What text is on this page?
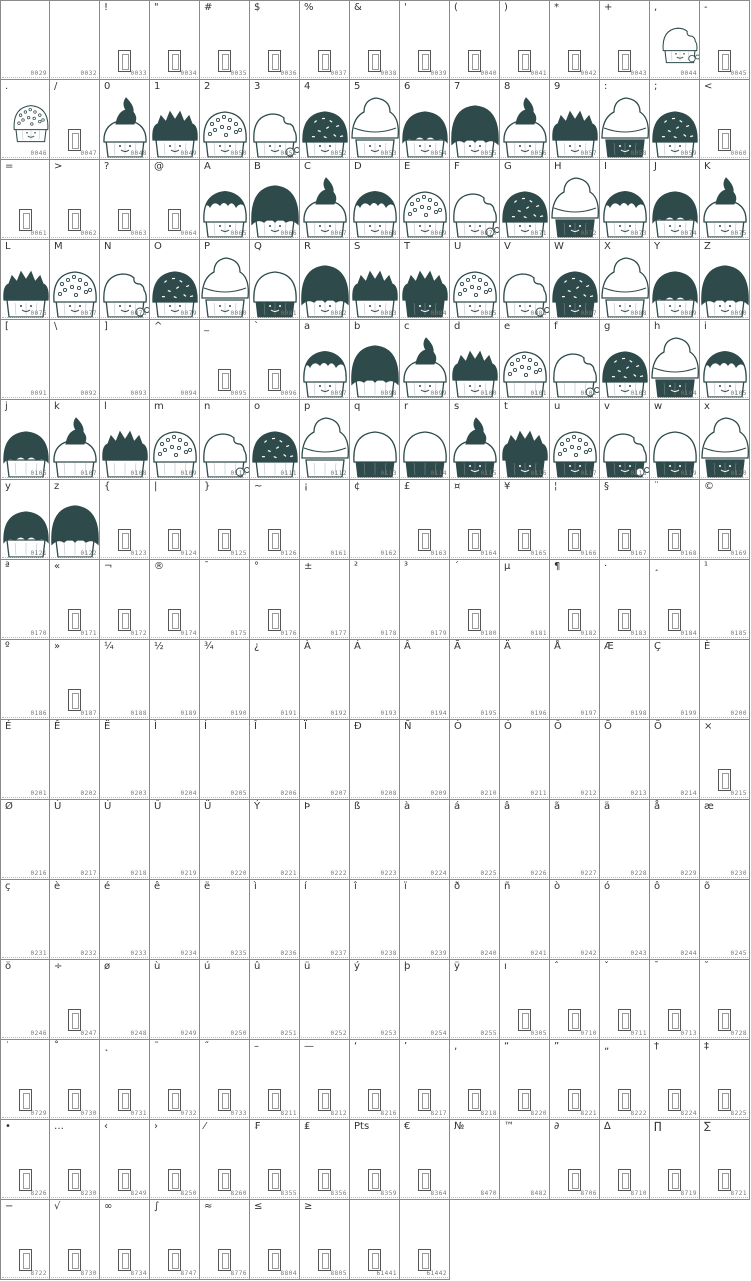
0029	0032
!
0033
"
0034
#
0035
$
0036
%
0037
&
0038
'
0039
(
0040
)
0041
*
0042
+
0043
,
0044
-
0045
.
0046
/
0047
0
0048
1
0049
2
0050
3
0051
4
0052
5
0053
6
0054
7
0055
8
0056
9
0057
:
0058
;
0059
<
0060
=
0061
>
0062
?
0063
@
0064
A
0065
B
0066
C
0067
D
0068
E
0069
F
0070
G
0071
H
0072
I
0073
J
0074
K
0075
L
0076
M
0077
N
0078
O
0079
P
0080
Q
0081
R
0082
S
0083
T
0084
U
0085
V
0086
W
0087
X
0088
Y
0089
Z
0090
[
0091
\
0092
]
0093
^
0094
_
0095
`
0096
a
0097
b
0098
c
0099
d
0100
e
0101
f
0102
g
0103
h
0104
i
0105
j
0106
k
0107
l
0108
m
0109
n
0110
o
0111
p
0112
q
0113
r
0114
s
0115
t
0116
u
0117
v
0118
w
0119
x
0120
y
0121
z
0122
{
0123
|
0124
}
0125
~
0126
¡
0161
¢
0162
£
0163
¤
0164
¥
0165
¦
0166
§
0167
¨
0168
©
0169
ª
0170
«
0171
¬
0172
®
0174
¯
0175
°
0176
±
0177
²
0178
³
0179
´
0180
µ
0181
¶
0182
·
0183
¸
0184
¹
0185
º
0186
»
0187
¼
0188
½
0189
¾
0190
¿
0191
À
0192
Á
0193
Â
0194
Ã
0195
Ä
0196
Å
0197
Æ
0198
Ç
0199
È
0200
É
0201
Ê
0202
Ë
0203
Ì
0204
Í
0205
Î
0206
Ï
0207
Ð
0208
Ñ
0209
Ò
0210
Ó
0211
Ô
0212
Õ
0213
Ö
0214
×
0215
Ø
0216
Ù
0217
Ú
0218
Û
0219
Ü
0220
Ý
0221
Þ
0222
ß
0223
à
0224
á
0225
â
0226
ã
0227
ä
0228
å
0229
æ
0230
ç
0231
è
0232
é
0233
ê
0234
ë
0235
ì
0236
í
0237
î
0238
ï
0239
ð
0240
ñ
0241
ò
0242
ó
0243
ô
0244
õ
0245
ö
0246
÷
0247
ø
0248
ù
0249
ú
0250
û
0251
ü
0252
ý
0253
þ
0254
ÿ
0255
ı
0305
ˆ
0710
ˇ
0711
¯
0713
˘
0728
˙
0729
˚
0730
˛
0731
˜
0732
˝
0733
–
8211
—
8212
‘
8216
’
8217
‚
8218
“
8220
”
8221
„
8222
†
8224
‡
8225
•
8226
…
8230
‹
8249
›
8250
⁄
8260
₣
8355
₤
8356
Pts
8359
€
8364
№
8470
™
8482
∂
8706
∆
8710
∏
8719
∑
8721
−
8722
√
8730
∞
8734
∫
8747
≈
8776
≤
8804
≥
8805	61441	61442
